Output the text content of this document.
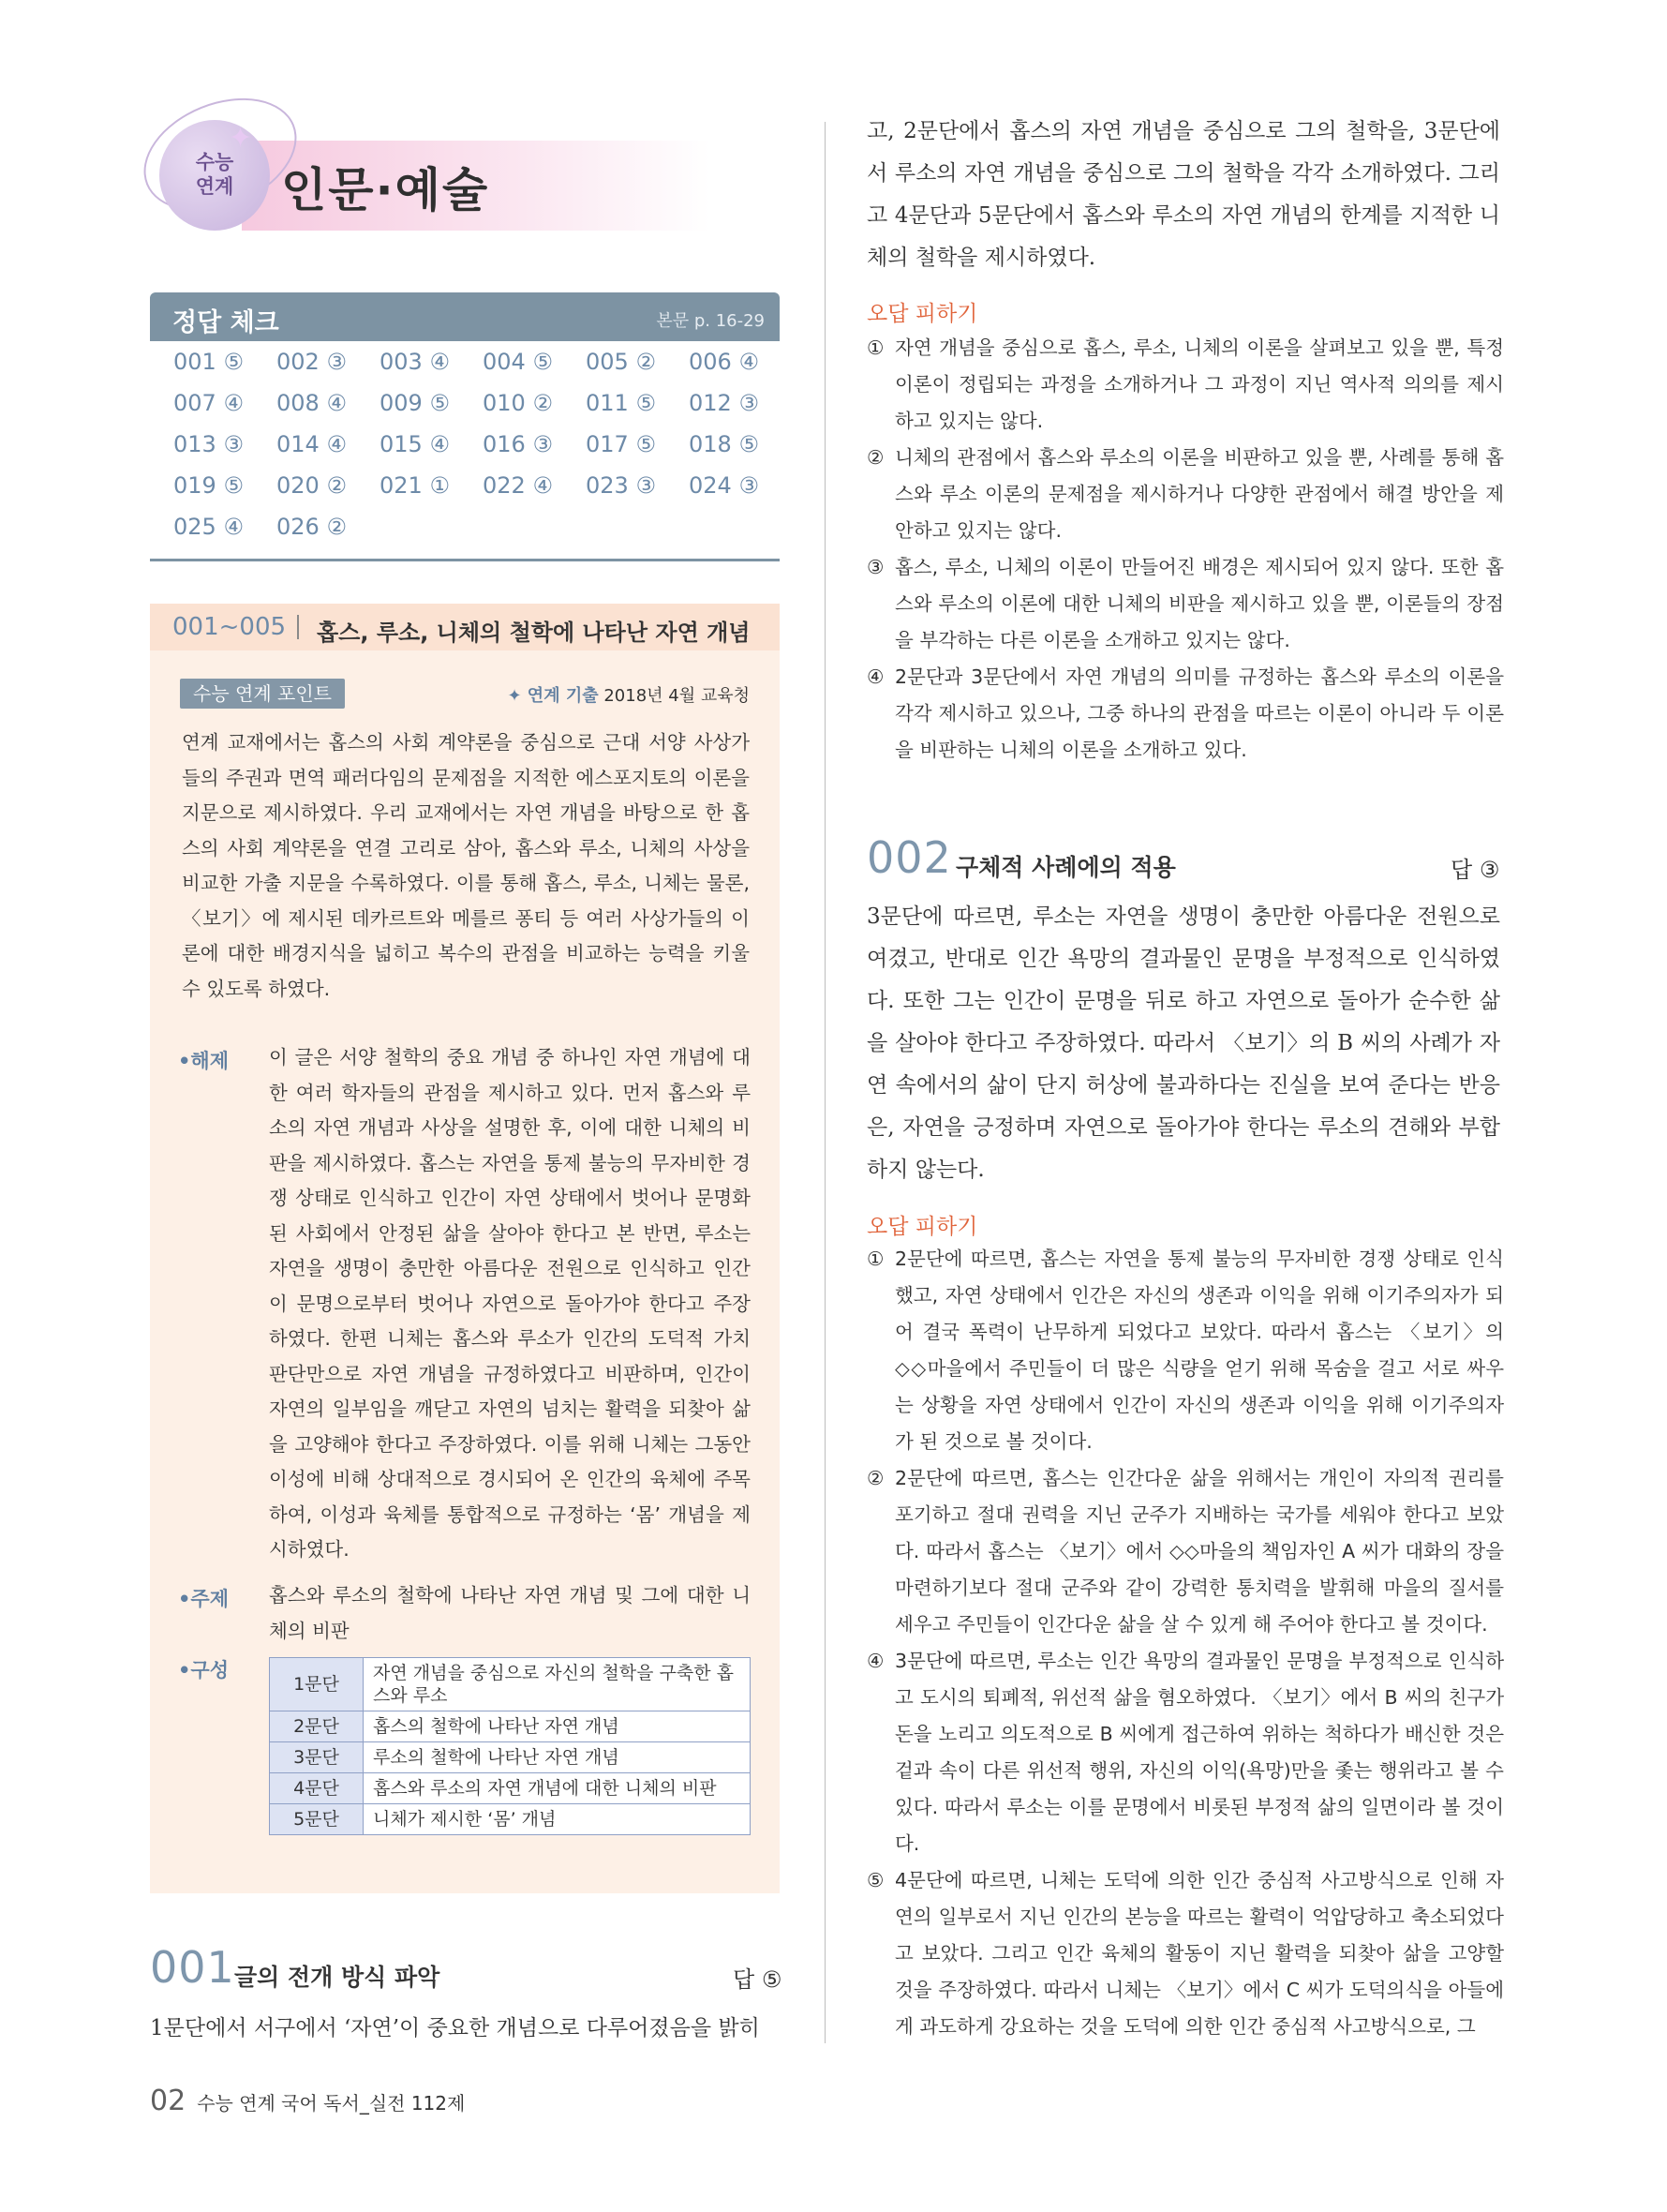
수능
연계
✦
인문·예술
정답 체크	본문 p. 16-29
001 ⑤ 002 ③ 003 ④ 004 ⑤ 005 ② 006 ④
007 ④ 008 ④ 009 ⑤ 010 ② 011 ⑤ 012 ③
013 ③ 014 ④ 015 ④ 016 ③ 017 ⑤ 018 ⑤
019 ⑤ 020 ② 021 ① 022 ④ 023 ③ 024 ③
025 ④ 026 ②
001~005 홉스, 루소, 니체의 철학에 나타난 자연 개념
수능 연계 포인트	✦ 연계 기출 2018년 4월 교육청
연계 교재에서는 홉스의 사회 계약론을 중심으로 근대 서양 사상가들의 주권과 면역 패러다임의 문제점을 지적한 에스포지토의 이론을 지문으로 제시하였다. 우리 교재에서는 자연 개념을 바탕으로 한 홉스의 사회 계약론을 연결 고리로 삼아, 홉스와 루소, 니체의 사상을 비교한 가출 지문을 수록하였다. 이를 통해 홉스, 루소, 니체는 물론, 〈보기〉에 제시된 데카르트와 메를르 퐁티 등 여러 사상가들의 이론에 대한 배경지식을 넓히고 복수의 관점을 비교하는 능력을 키울 수 있도록 하였다.
•해제 이 글은 서양 철학의 중요 개념 중 하나인 자연 개념에 대한 여러 학자들의 관점을 제시하고 있다. 먼저 홉스와 루소의 자연 개념과 사상을 설명한 후, 이에 대한 니체의 비판을 제시하였다. 홉스는 자연을 통제 불능의 무자비한 경쟁 상태로 인식하고 인간이 자연 상태에서 벗어나 문명화된 사회에서 안정된 삶을 살아야 한다고 본 반면, 루소는 자연을 생명이 충만한 아름다운 전원으로 인식하고 인간이 문명으로부터 벗어나 자연으로 돌아가야 한다고 주장하였다. 한편 니체는 홉스와 루소가 인간의 도덕적 가치 판단만으로 자연 개념을 규정하였다고 비판하며, 인간이 자연의 일부임을 깨닫고 자연의 넘치는 활력을 되찾아 삶을 고양해야 한다고 주장하였다. 이를 위해 니체는 그동안 이성에 비해 상대적으로 경시되어 온 인간의 육체에 주목하여, 이성과 육체를 통합적으로 규정하는 ‘몸’ 개념을 제시하였다.
•주제 홉스와 루소의 철학에 나타난 자연 개념 및 그에 대한 니체의 비판
•구성
1문단	자연 개념을 중심으로 자신의 철학을 구축한 홉스와 루소
2문단	홉스의 철학에 나타난 자연 개념
3문단	루소의 철학에 나타난 자연 개념
4문단	홉스와 루소의 자연 개념에 대한 니체의 비판
5문단	니체가 제시한 ‘몸’ 개념
001 글의 전개 방식 파악	답 ⑤
1문단에서 서구에서 ‘자연’이 중요한 개념으로 다루어졌음을 밝히
고, 2문단에서 홉스의 자연 개념을 중심으로 그의 철학을, 3문단에서 루소의 자연 개념을 중심으로 그의 철학을 각각 소개하였다. 그리고 4문단과 5문단에서 홉스와 루소의 자연 개념의 한계를 지적한 니체의 철학을 제시하였다.
오답 피하기
① 자연 개념을 중심으로 홉스, 루소, 니체의 이론을 살펴보고 있을 뿐, 특정 이론이 정립되는 과정을 소개하거나 그 과정이 지닌 역사적 의의를 제시하고 있지는 않다.
② 니체의 관점에서 홉스와 루소의 이론을 비판하고 있을 뿐, 사례를 통해 홉스와 루소 이론의 문제점을 제시하거나 다양한 관점에서 해결 방안을 제안하고 있지는 않다.
③ 홉스, 루소, 니체의 이론이 만들어진 배경은 제시되어 있지 않다. 또한 홉스와 루소의 이론에 대한 니체의 비판을 제시하고 있을 뿐, 이론들의 장점을 부각하는 다른 이론을 소개하고 있지는 않다.
④ 2문단과 3문단에서 자연 개념의 의미를 규정하는 홉스와 루소의 이론을 각각 제시하고 있으나, 그중 하나의 관점을 따르는 이론이 아니라 두 이론을 비판하는 니체의 이론을 소개하고 있다.
002 구체적 사례에의 적용	답 ③
3문단에 따르면, 루소는 자연을 생명이 충만한 아름다운 전원으로 여겼고, 반대로 인간 욕망의 결과물인 문명을 부정적으로 인식하였다. 또한 그는 인간이 문명을 뒤로 하고 자연으로 돌아가 순수한 삶을 살아야 한다고 주장하였다. 따라서 〈보기〉의 B 씨의 사례가 자연 속에서의 삶이 단지 허상에 불과하다는 진실을 보여 준다는 반응은, 자연을 긍정하며 자연으로 돌아가야 한다는 루소의 견해와 부합하지 않는다.
오답 피하기
① 2문단에 따르면, 홉스는 자연을 통제 불능의 무자비한 경쟁 상태로 인식했고, 자연 상태에서 인간은 자신의 생존과 이익을 위해 이기주의자가 되어 결국 폭력이 난무하게 되었다고 보았다. 따라서 홉스는 〈보기〉의 ◇◇마을에서 주민들이 더 많은 식량을 얻기 위해 목숨을 걸고 서로 싸우는 상황을 자연 상태에서 인간이 자신의 생존과 이익을 위해 이기주의자가 된 것으로 볼 것이다.
② 2문단에 따르면, 홉스는 인간다운 삶을 위해서는 개인이 자의적 권리를 포기하고 절대 권력을 지닌 군주가 지배하는 국가를 세워야 한다고 보았다. 따라서 홉스는 〈보기〉에서 ◇◇마을의 책임자인 A 씨가 대화의 장을 마련하기보다 절대 군주와 같이 강력한 통치력을 발휘해 마을의 질서를 세우고 주민들이 인간다운 삶을 살 수 있게 해 주어야 한다고 볼 것이다.
④ 3문단에 따르면, 루소는 인간 욕망의 결과물인 문명을 부정적으로 인식하고 도시의 퇴폐적, 위선적 삶을 혐오하였다. 〈보기〉에서 B 씨의 친구가 돈을 노리고 의도적으로 B 씨에게 접근하여 위하는 척하다가 배신한 것은 겉과 속이 다른 위선적 행위, 자신의 이익(욕망)만을 좇는 행위라고 볼 수 있다. 따라서 루소는 이를 문명에서 비롯된 부정적 삶의 일면이라 볼 것이다.
⑤ 4문단에 따르면, 니체는 도덕에 의한 인간 중심적 사고방식으로 인해 자연의 일부로서 지닌 인간의 본능을 따르는 활력이 억압당하고 축소되었다고 보았다. 그리고 인간 육체의 활동이 지닌 활력을 되찾아 삶을 고양할 것을 주장하였다. 따라서 니체는 〈보기〉에서 C 씨가 도덕의식을 아들에게 과도하게 강요하는 것을 도덕에 의한 인간 중심적 사고방식으로, 그
02 수능 연계 국어 독서_실전 112제
